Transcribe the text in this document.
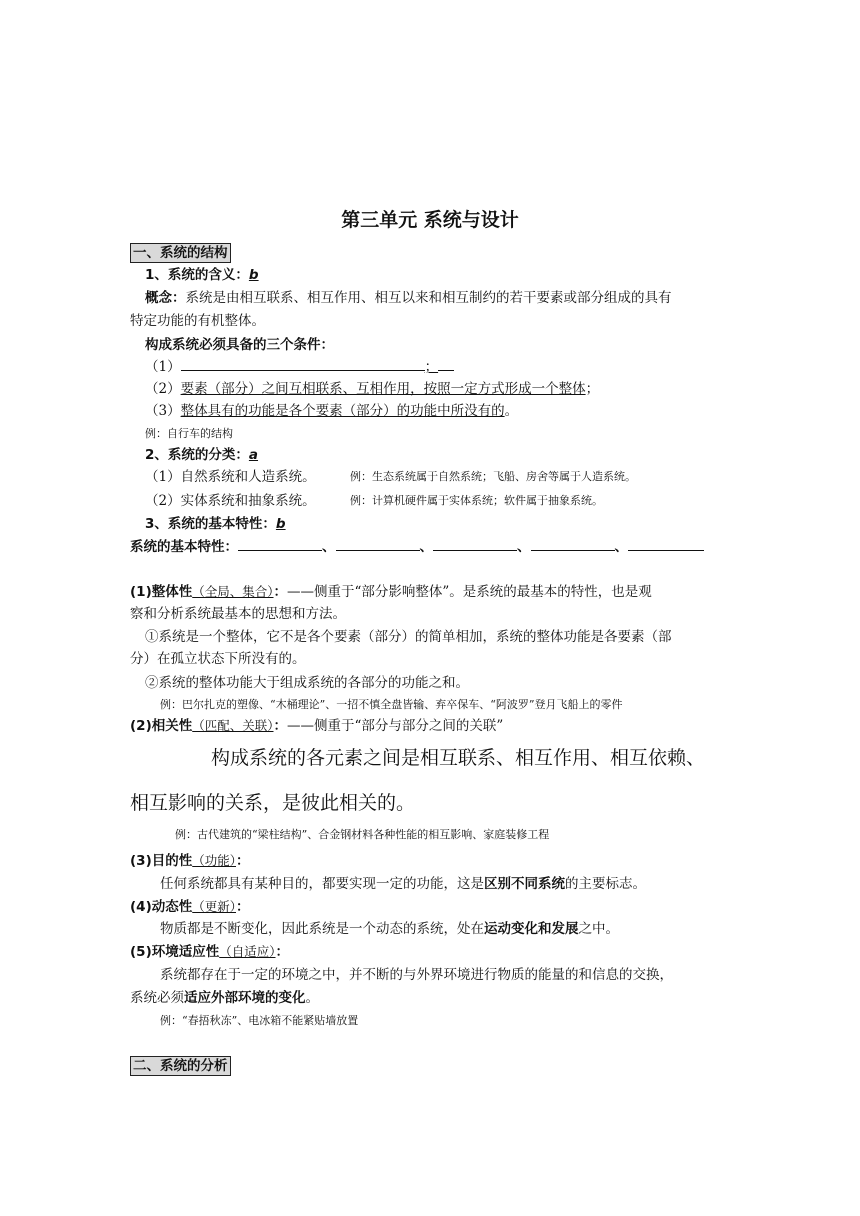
第三单元 系统与设计
一、系统的结构
1、系统的含义：b
概念：系统是由相互联系、相互作用、相互以来和相互制约的若干要素或部分组成的具有
特定功能的有机整体。
构成系统必须具备的三个条件：
（1）	；
（2）要素（部分）之间互相联系、互相作用，按照一定方式形成一个整体；
（3）整体具有的功能是各个要素（部分）的功能中所没有的。
例：自行车的结构
2、系统的分类：a
（1）自然系统和人造系统。	例：生态系统属于自然系统；飞船、房舍等属于人造系统。
（2）实体系统和抽象系统。	例：计算机硬件属于实体系统；软件属于抽象系统。
3、系统的基本特性：b
系统的基本特性：	、	、	、	、
(1)整体性（全局、集合）：——侧重于“部分影响整体”。是系统的最基本的特性，也是观
察和分析系统最基本的思想和方法。
①系统是一个整体，它不是各个要素（部分）的简单相加，系统的整体功能是各要素（部
分）在孤立状态下所没有的。
②系统的整体功能大于组成系统的各部分的功能之和。
例：巴尔扎克的塑像、“木桶理论”、一招不慎全盘皆输、弃卒保车、“阿波罗”登月飞船上的零件
(2)相关性（匹配、关联）：——侧重于“部分与部分之间的关联”
构成系统的各元素之间是相互联系、相互作用、相互依赖、
相互影响的关系，是彼此相关的。
例：古代建筑的“梁柱结构”、合金钢材料各种性能的相互影响、家庭装修工程
(3)目的性（功能）：
任何系统都具有某种目的，都要实现一定的功能，这是区别不同系统的主要标志。
(4)动态性（更新）：
物质都是不断变化，因此系统是一个动态的系统，处在运动变化和发展之中。
(5)环境适应性（自适应）：
系统都存在于一定的环境之中，并不断的与外界环境进行物质的能量的和信息的交换，
系统必须适应外部环境的变化。
例：“春捂秋冻”、电冰箱不能紧贴墙放置
二、系统的分析
